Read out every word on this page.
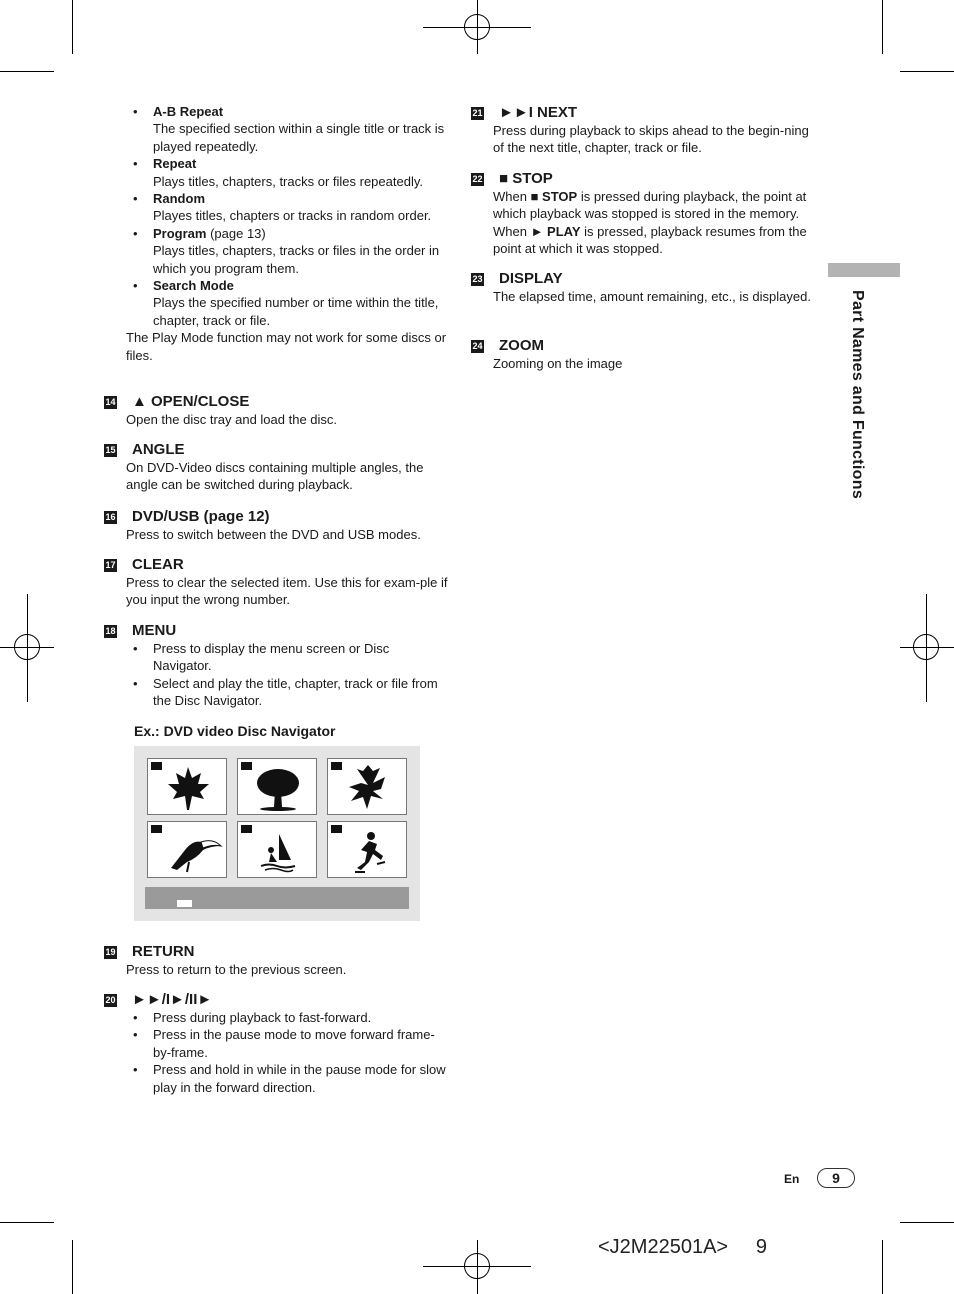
• A-B Repeat
The specified section within a single title or track is played repeatedly.
• Repeat
Plays titles, chapters, tracks or files repeatedly.
• Random
Playes titles, chapters or tracks in random order.
• Program (page 13)
Plays titles, chapters, tracks or files in the order in which you program them.
• Search Mode
Plays the specified number or time within the title, chapter, track or file.
The Play Mode function may not work for some discs or files.
14 ▲ OPEN/CLOSE

Open the disc tray and load the disc.

15 ANGLE

On DVD-Video discs containing multiple angles, the angle can be switched during playback.

16 DVD/USB (page 12)

Press to switch between the DVD and USB modes.

17 CLEAR

Press to clear the selected item. Use this for exam-ple if you input the wrong number.

18 MENU
• Press to display the menu screen or Disc Navigator.
• Select and play the title, chapter, track or file from the Disc Navigator.
Ex.: DVD video Disc Navigator
19 RETURN

Press to return to the previous screen.

20 ►►/I►/II►
• Press during playback to fast-forward.
• Press in the pause mode to move forward frame-by-frame.
• Press and hold in while in the pause mode for slow play in the forward direction.
21 ►►I NEXT

Press during playback to skips ahead to the begin-ning of the next title, chapter, track or file.

22 ■ STOP

When ■ STOP is pressed during playback, the point at which playback was stopped is stored in the memory. When ► PLAY is pressed, playback resumes from the point at which it was stopped.

23 DISPLAY

The elapsed time, amount remaining, etc., is displayed.

24 ZOOM

Zooming on the image	Part Names and Functions
En	9
<J2M22501A>     9
